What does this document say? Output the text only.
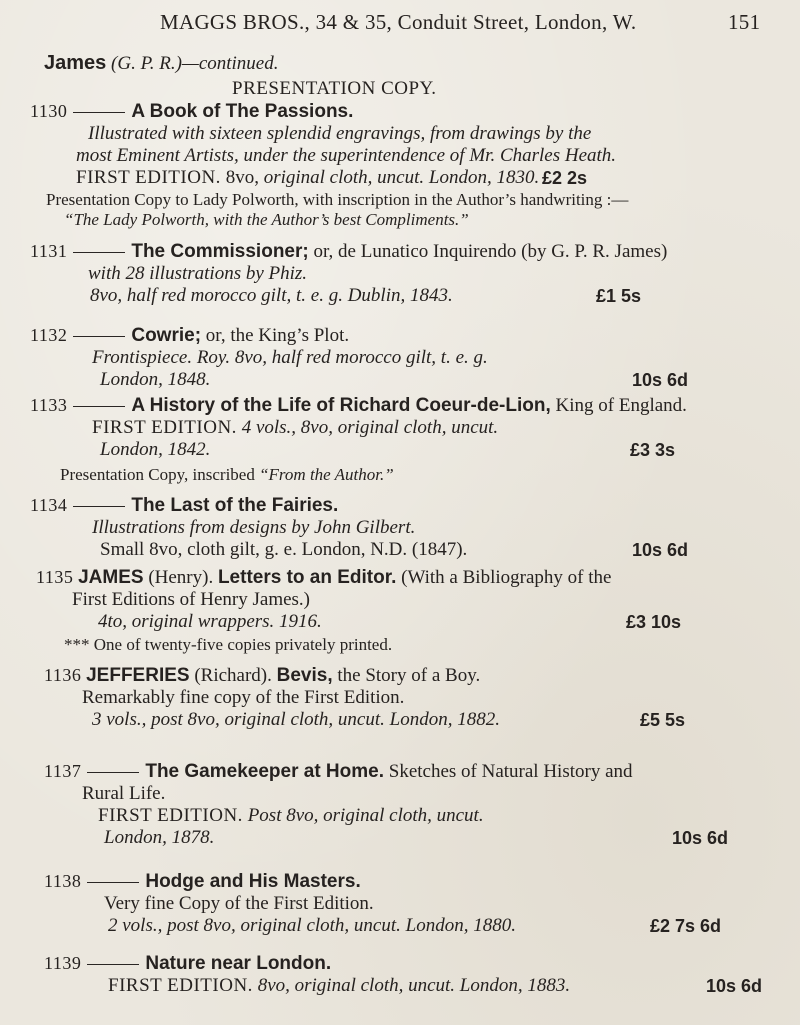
MAGGS BROS., 34 & 35, Conduit Street, London, W.	151
James (G. P. R.)—continued.
PRESENTATION COPY.
1130	A Book of The Passions.
Illustrated with sixteen splendid engravings, from drawings by the
most Eminent Artists, under the superintendence of Mr. Charles Heath.
FIRST EDITION. 8vo, original cloth, uncut. London, 1830. £2 2s
Presentation Copy to Lady Polworth, with inscription in the Author’s handwriting :—
“The Lady Polworth, with the Author’s best Compliments.”
1131	The Commissioner; or, de Lunatico Inquirendo (by G. P. R. James)
with 28 illustrations by Phiz.
8vo, half red morocco gilt, t. e. g. Dublin, 1843.	£1 5s
1132	Cowrie; or, the King’s Plot.
Frontispiece. Roy. 8vo, half red morocco gilt, t. e. g.
London, 1848.	10s 6d
1133	A History of the Life of Richard Coeur-de-Lion, King of England.
FIRST EDITION. 4 vols., 8vo, original cloth, uncut.
London, 1842.	£3 3s
Presentation Copy, inscribed “From the Author.”
1134	The Last of the Fairies.
Illustrations from designs by John Gilbert.
Small 8vo, cloth gilt, g. e. London, N.D. (1847).	10s 6d
1135 JAMES (Henry). Letters to an Editor. (With a Bibliography of the
First Editions of Henry James.)
4to, original wrappers. 1916.	£3 10s
*** One of twenty-five copies privately printed.
1136 JEFFERIES (Richard). Bevis, the Story of a Boy.
Remarkably fine copy of the First Edition.
3 vols., post 8vo, original cloth, uncut. London, 1882.	£5 5s
1137	The Gamekeeper at Home. Sketches of Natural History and
Rural Life.
FIRST EDITION. Post 8vo, original cloth, uncut.
London, 1878.	10s 6d
1138	Hodge and His Masters.
Very fine Copy of the First Edition.
2 vols., post 8vo, original cloth, uncut. London, 1880.	£2 7s 6d
1139	Nature near London.
FIRST EDITION. 8vo, original cloth, uncut. London, 1883.	10s 6d
